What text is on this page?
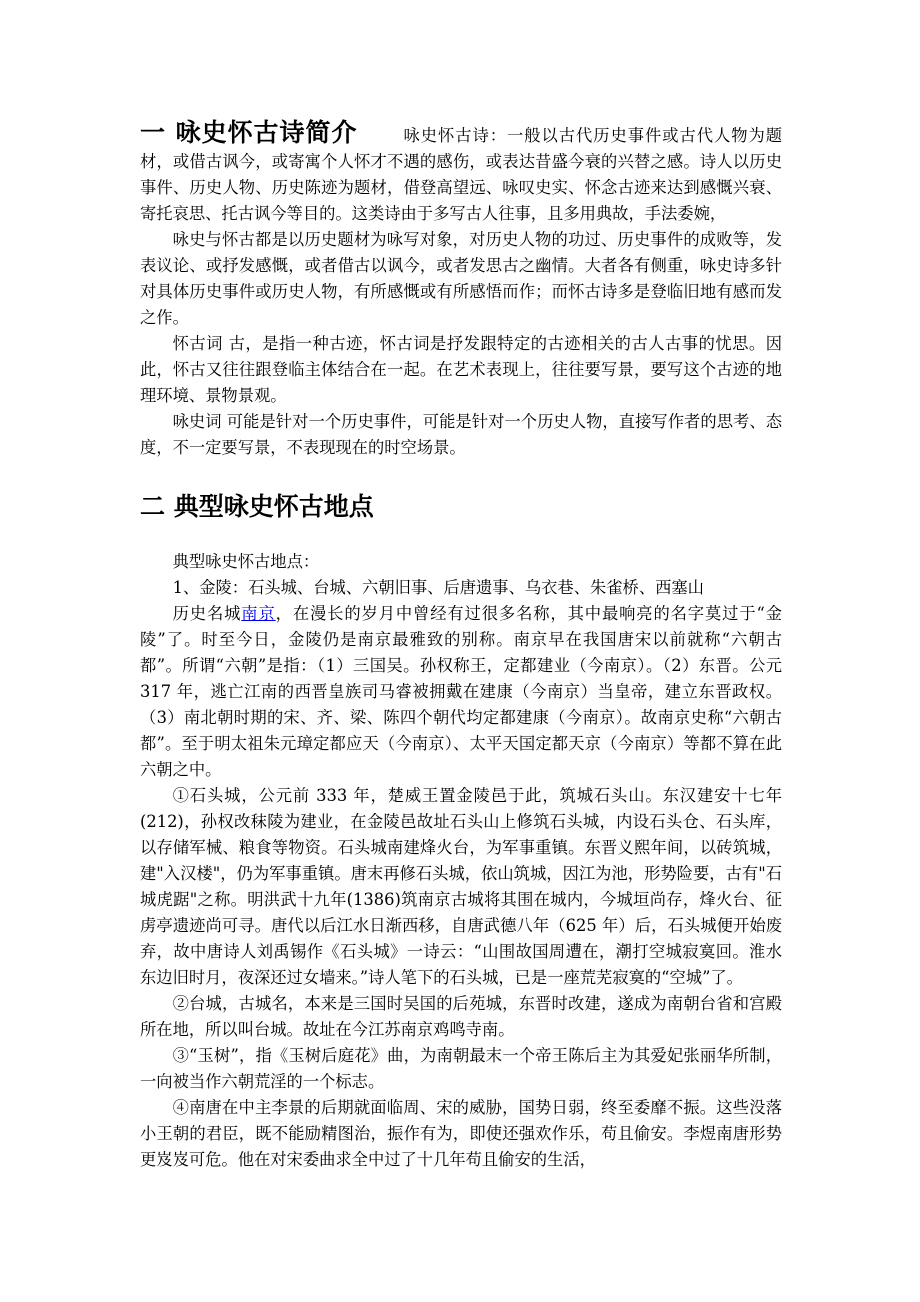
一 咏史怀古诗简介	咏史怀古诗：一般以古代历史事件或古代人物为题材，或借古讽今，或寄寓个人怀才不遇的感伤，或表达昔盛今衰的兴替之感。诗人以历史事件、历史人物、历史陈迹为题材，借登高望远、咏叹史实、怀念古迹来达到感慨兴衰、寄托哀思、托古讽今等目的。这类诗由于多写古人往事，且多用典故，手法委婉，

咏史与怀古都是以历史题材为咏写对象，对历史人物的功过、历史事件的成败等，发表议论、或抒发感慨，或者借古以讽今，或者发思古之幽情。大者各有侧重，咏史诗多针对具体历史事件或历史人物，有所感慨或有所感悟而作；而怀古诗多是登临旧地有感而发之作。

怀古词 古，是指一种古迹，怀古词是抒发跟特定的古迹相关的古人古事的忧思。因此，怀古又往往跟登临主体结合在一起。在艺术表现上，往往要写景，要写这个古迹的地理环境、景物景观。

咏史词 可能是针对一个历史事件，可能是针对一个历史人物，直接写作者的思考、态度，不一定要写景，不表现现在的时空场景。

二 典型咏史怀古地点

典型咏史怀古地点：

1、金陵：石头城、台城、六朝旧事、后唐遗事、乌衣巷、朱雀桥、西塞山

历史名城南京，在漫长的岁月中曾经有过很多名称，其中最响亮的名字莫过于“金陵”了。时至今日，金陵仍是南京最雅致的别称。南京早在我国唐宋以前就称“六朝古都”。所谓“六朝”是指：（1）三国吴。孙权称王，定都建业（今南京）。（2）东晋。公元 317 年，逃亡江南的西晋皇族司马睿被拥戴在建康（今南京）当皇帝，建立东晋政权。（3）南北朝时期的宋、齐、梁、陈四个朝代均定都建康（今南京）。故南京史称“六朝古都”。至于明太祖朱元璋定都应天（今南京）、太平天国定都天京（今南京）等都不算在此六朝之中。

①石头城，公元前 333 年，楚威王置金陵邑于此，筑城石头山。东汉建安十七年(212)，孙权改秣陵为建业，在金陵邑故址石头山上修筑石头城，内设石头仓、石头库，以存储军械、粮食等物资。石头城南建烽火台，为军事重镇。东晋义熙年间，以砖筑城，建"入汉楼"，仍为军事重镇。唐末再修石头城，依山筑城，因江为池，形势险要，古有"石城虎踞"之称。明洪武十九年(1386)筑南京古城将其围在城内，今城垣尚存，烽火台、征虏亭遗迹尚可寻。唐代以后江水日渐西移，自唐武德八年（625 年）后，石头城便开始废弃，故中唐诗人刘禹锡作《石头城》一诗云：“山围故国周遭在，潮打空城寂寞回。淮水东边旧时月，夜深还过女墙来。”诗人笔下的石头城，已是一座荒芜寂寞的“空城”了。

②台城，古城名，本来是三国时吴国的后苑城，东晋时改建，遂成为南朝台省和宫殿所在地，所以叫台城。故址在今江苏南京鸡鸣寺南。

③“玉树”，指《玉树后庭花》曲，为南朝最末一个帝王陈后主为其爱妃张丽华所制，一向被当作六朝荒淫的一个标志。

④南唐在中主李景的后期就面临周、宋的威胁，国势日弱，终至委靡不振。这些没落小王朝的君臣，既不能励精图治，振作有为，即使还强欢作乐，苟且偷安。李煜南唐形势更岌岌可危。他在对宋委曲求全中过了十几年苟且偷安的生活，
